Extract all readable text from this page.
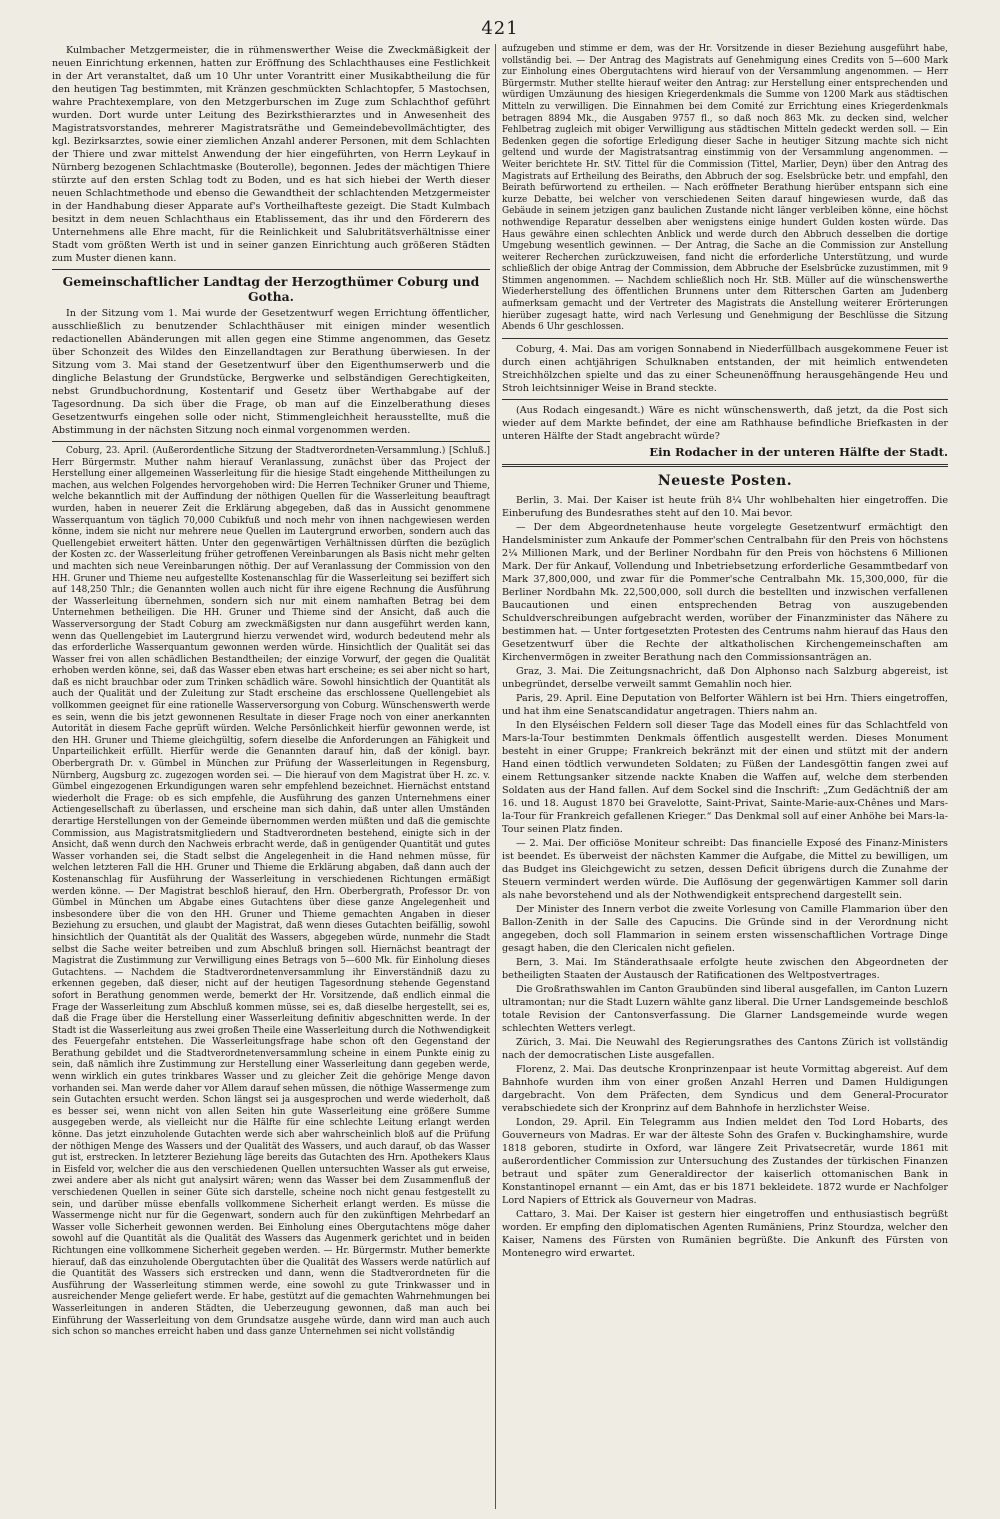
421

Kulmbacher Metzgermeister, die in rühmenswerther Weise die Zweckmäßigkeit der neuen Einrichtung erkennen, hatten zur Eröffnung des Schlachthauses eine Festlichkeit in der Art veranstaltet, daß um 10 Uhr unter Vorantritt einer Musikabtheilung die für den heutigen Tag bestimmten, mit Kränzen geschmückten Schlachtopfer, 5 Mastochsen, wahre Prachtexemplare, von den Metzgerburschen im Zuge zum Schlachthof geführt wurden. Dort wurde unter Leitung des Bezirksthierarztes und in Anwesenheit des Magistratsvorstandes, mehrerer Magistratsräthe und Gemeindebevollmächtigter, des kgl. Bezirksarztes, sowie einer ziemlichen Anzahl anderer Personen, mit dem Schlachten der Thiere und zwar mittelst Anwendung der hier eingeführten, von Herrn Leykauf in Nürnberg bezogenen Schlachtmaske (Bouterolle), begonnen. Jedes der mächtigen Thiere stürzte auf den ersten Schlag todt zu Boden, und es hat sich hiebei der Werth dieser neuen Schlachtmethode und ebenso die Gewandtheit der schlachtenden Metzgermeister in der Handhabung dieser Apparate auf's Vortheilhafteste gezeigt. Die Stadt Kulmbach besitzt in dem neuen Schlachthaus ein Etablissement, das ihr und den Förderern des Unternehmens alle Ehre macht, für die Reinlichkeit und Salubritätsverhältnisse einer Stadt vom größten Werth ist und in seiner ganzen Einrichtung auch größeren Städten zum Muster dienen kann.

Gemeinschaftlicher Landtag der Herzogthümer Coburg und Gotha.

In der Sitzung vom 1. Mai wurde der Gesetzentwurf wegen Errichtung öffentlicher, ausschließlich zu benutzender Schlachthäuser mit einigen minder wesentlich redactionellen Abänderungen mit allen gegen eine Stimme angenommen, das Gesetz über Schonzeit des Wildes den Einzellandtagen zur Berathung überwiesen. In der Sitzung vom 3. Mai stand der Gesetzentwurf über den Eigenthumserwerb und die dingliche Belastung der Grundstücke, Bergwerke und selbständigen Gerechtigkeiten, nebst Grundbuchordnung, Kostentarif und Gesetz über Werthabgabe auf der Tagesordnung. Da sich über die Frage, ob man auf die Einzelberathung dieses Gesetzentwurfs eingehen solle oder nicht, Stimmengleichheit herausstellte, muß die Abstimmung in der nächsten Sitzung noch einmal vorgenommen werden.

Coburg, 23. April. (Außerordentliche Sitzung der Stadtverordneten-Versammlung.) [Schluß.] Herr Bürgermstr. Muther nahm hierauf Veranlassung, zunächst über das Project der Herstellung einer allgemeinen Wasserleitung für die hiesige Stadt eingehende Mittheilungen zu machen, aus welchen Folgendes hervorgehoben wird: Die Herren Techniker Gruner und Thieme, welche bekanntlich mit der Auffindung der nöthigen Quellen für die Wasserleitung beauftragt wurden, haben in neuerer Zeit die Erklärung abgegeben, daß das in Aussicht genommene Wasserquantum von täglich 70,000 Cubikfuß und noch mehr von ihnen nachgewiesen werden könne, indem sie nicht nur mehrere neue Quellen im Lautergrund erworben, sondern auch das Quellengebiet erweitert hätten. Unter den gegenwärtigen Verhältnissen dürften die bezüglich der Kosten zc. der Wasserleitung früher getroffenen Vereinbarungen als Basis nicht mehr gelten und machten sich neue Vereinbarungen nöthig. Der auf Veranlassung der Commission von den HH. Gruner und Thieme neu aufgestellte Kostenanschlag für die Wasserleitung sei beziffert sich auf 148,250 Thlr.; die Genannten wollen auch nicht für ihre eigene Rechnung die Ausführung der Wasserleitung übernehmen, sondern sich nur mit einem namhaften Betrag bei dem Unternehmen betheiligen. Die HH. Gruner und Thieme sind der Ansicht, daß auch die Wasserversorgung der Stadt Coburg am zweckmäßigsten nur dann ausgeführt werden kann, wenn das Quellengebiet im Lautergrund hierzu verwendet wird, wodurch bedeutend mehr als das erforderliche Wasserquantum gewonnen werden würde. Hinsichtlich der Qualität sei das Wasser frei von allen schädlichen Bestandtheilen; der einzige Vorwurf, der gegen die Qualität erhoben werden könne, sei, daß das Wasser eben etwas hart erscheine; es sei aber nicht so hart, daß es nicht brauchbar oder zum Trinken schädlich wäre. Sowohl hinsichtlich der Quantität als auch der Qualität und der Zuleitung zur Stadt erscheine das erschlossene Quellengebiet als vollkommen geeignet für eine rationelle Wasserversorgung von Coburg. Wünschenswerth werde es sein, wenn die bis jetzt gewonnenen Resultate in dieser Frage noch von einer anerkannten Autorität in diesem Fache geprüft würden. Welche Persönlichkeit hierfür gewonnen werde, ist den HH. Gruner und Thieme gleichgültig, sofern dieselbe die Anforderungen an Fähigkeit und Unparteilichkeit erfüllt. Hierfür werde die Genannten darauf hin, daß der königl. bayr. Oberbergrath Dr. v. Gümbel in München zur Prüfung der Wasserleitungen in Regensburg, Nürnberg, Augsburg zc. zugezogen worden sei. — Die hierauf von dem Magistrat über H. zc. v. Gümbel eingezogenen Erkundigungen waren sehr empfehlend bezeichnet. Hiernächst entstand wiederholt die Frage: ob es sich empfehle, die Ausführung des ganzen Unternehmens einer Actiengesellschaft zu überlassen, und erscheine man sich dahin, daß unter allen Umständen derartige Herstellungen von der Gemeinde übernommen werden müßten und daß die gemischte Commission, aus Magistratsmitgliedern und Stadtverordneten bestehend, einigte sich in der Ansicht, daß wenn durch den Nachweis erbracht werde, daß in genügender Quantität und gutes Wasser vorhanden sei, die Stadt selbst die Angelegenheit in die Hand nehmen müsse, für welchen letzteren Fall die HH. Gruner und Thieme die Erklärung abgaben, daß dann auch der Kostenanschlag für Ausführung der Wasserleitung in verschiedenen Richtungen ermäßigt werden könne. — Der Magistrat beschloß hierauf, den Hrn. Oberbergrath, Professor Dr. von Gümbel in München um Abgabe eines Gutachtens über diese ganze Angelegenheit und insbesondere über die von den HH. Gruner und Thieme gemachten Angaben in dieser Beziehung zu ersuchen, und glaubt der Magistrat, daß wenn dieses Gutachten beifällig, sowohl hinsichtlich der Quantität als der Qualität des Wassers, abgegeben würde, nunmehr die Stadt selbst die Sache weiter betreiben und zum Abschluß bringen soll. Hiernächst beantragt der Magistrat die Zustimmung zur Verwilligung eines Betrags von 5—600 Mk. für Einholung dieses Gutachtens. — Nachdem die Stadtverordnetenversammlung ihr Einverständniß dazu zu erkennen gegeben, daß dieser, nicht auf der heutigen Tagesordnung stehende Gegenstand sofort in Berathung genommen werde, bemerkt der Hr. Vorsitzende, daß endlich einmal die Frage der Wasserleitung zum Abschluß kommen müsse, sei es, daß dieselbe hergestellt, sei es, daß die Frage über die Herstellung einer Wasserleitung definitiv abgeschnitten werde. In der Stadt ist die Wasserleitung aus zwei großen Theile eine Wasserleitung durch die Nothwendigkeit des Feuergefahr entstehen. Die Wasserleitungsfrage habe schon oft den Gegenstand der Berathung gebildet und die Stadtverordnetenversammlung scheine in einem Punkte einig zu sein, daß nämlich ihre Zustimmung zur Herstellung einer Wasserleitung dann gegeben werde, wenn wirklich ein gutes trinkbares Wasser und zu gleicher Zeit die gehörige Menge davon vorhanden sei. Man werde daher vor Allem darauf sehen müssen, die nöthige Wassermenge zum sein Gutachten ersucht werden. Schon längst sei ja ausgesprochen und werde wiederholt, daß es besser sei, wenn nicht von allen Seiten hin gute Wasserleitung eine größere Summe ausgegeben werde, als vielleicht nur die Hälfte für eine schlechte Leitung erlangt werden könne. Das jetzt einzuholende Gutachten werde sich aber wahrscheinlich bloß auf die Prüfung der nöthigen Menge des Wassers und der Qualität des Wassers, und auch darauf, ob das Wasser gut ist, erstrecken. In letzterer Beziehung läge bereits das Gutachten des Hrn. Apothekers Klaus in Eisfeld vor, welcher die aus den verschiedenen Quellen untersuchten Wasser als gut erweise, zwei andere aber als nicht gut analysirt wären; wenn das Wasser bei dem Zusammenfluß der verschiedenen Quellen in seiner Güte sich darstelle, scheine noch nicht genau festgestellt zu sein, und darüber müsse ebenfalls vollkommene Sicherheit erlangt werden. Es müsse die Wassermenge nicht nur für die Gegenwart, sondern auch für den zukünftigen Mehrbedarf an Wasser volle Sicherheit gewonnen werden. Bei Einholung eines Obergutachtens möge daher sowohl auf die Quantität als die Qualität des Wassers das Augenmerk gerichtet und in beiden Richtungen eine vollkommene Sicherheit gegeben werden. — Hr. Bürgermstr. Muther bemerkte hierauf, daß das einzuholende Obergutachten über die Qualität des Wassers werde natürlich auf die Quantität des Wassers sich erstrecken und dann, wenn die Stadtverordneten für die Ausführung der Wasserleitung stimmen werde, eine sowohl zu gute Trinkwasser und in ausreichender Menge geliefert werde. Er habe, gestützt auf die gemachten Wahrnehmungen bei Wasserleitungen in anderen Städten, die Ueberzeugung gewonnen, daß man auch bei Einführung der Wasserleitung von dem Grundsatze ausgehe würde, dann wird man auch auch sich schon so manches erreicht haben und dass ganze Unternehmen sei nicht vollständig

aufzugeben und stimme er dem, was der Hr. Vorsitzende in dieser Beziehung ausgeführt habe, vollständig bei. — Der Antrag des Magistrats auf Genehmigung eines Credits von 5—600 Mark zur Einholung eines Obergutachtens wird hierauf von der Versammlung angenommen. — Herr Bürgermstr. Muther stellte hierauf weiter den Antrag: zur Herstellung einer entsprechenden und würdigen Umzäunung des hiesigen Kriegerdenkmals die Summe von 1200 Mark aus städtischen Mitteln zu verwilligen. Die Einnahmen bei dem Comité zur Errichtung eines Kriegerdenkmals betragen 8894 Mk., die Ausgaben 9757 fl., so daß noch 863 Mk. zu decken sind, welcher Fehlbetrag zugleich mit obiger Verwilligung aus städtischen Mitteln gedeckt werden soll. — Ein Bedenken gegen die sofortige Erledigung dieser Sache in heutiger Sitzung machte sich nicht geltend und wurde der Magistratsantrag einstimmig von der Versammlung angenommen. — Weiter berichtete Hr. StV. Tittel für die Commission (Tittel, Marlier, Deyn) über den Antrag des Magistrats auf Ertheilung des Beiraths, den Abbruch der sog. Eselsbrücke betr. und empfahl, den Beirath befürwortend zu ertheilen. — Nach eröffneter Berathung hierüber entspann sich eine kurze Debatte, bei welcher von verschiedenen Seiten darauf hingewiesen wurde, daß das Gebäude in seinem jetzigen ganz baulichen Zustande nicht länger verbleiben könne, eine höchst nothwendige Reparatur desselben aber wenigstens einige hundert Gulden kosten würde. Das Haus gewähre einen schlechten Anblick und werde durch den Abbruch desselben die dortige Umgebung wesentlich gewinnen. — Der Antrag, die Sache an die Commission zur Anstellung weiterer Recherchen zurückzuweisen, fand nicht die erforderliche Unterstützung, und wurde schließlich der obige Antrag der Commission, dem Abbruche der Eselsbrücke zuzustimmen, mit 9 Stimmen angenommen. — Nachdem schließlich noch Hr. StB. Müller auf die wünschenswerthe Wiederherstellung des öffentlichen Brunnens unter dem Ritterschen Garten am Judenberg aufmerksam gemacht und der Vertreter des Magistrats die Anstellung weiterer Erörterungen hierüber zugesagt hatte, wird nach Verlesung und Genehmigung der Beschlüsse die Sitzung Abends 6 Uhr geschlossen.

Coburg, 4. Mai. Das am vorigen Sonnabend in Niederfüllbach ausgekommene Feuer ist durch einen achtjährigen Schulknaben entstanden, der mit heimlich entwendeten Streichhölzchen spielte und das zu einer Scheunenöffnung herausgehängende Heu und Stroh leichtsinniger Weise in Brand steckte.

(Aus Rodach eingesandt.) Wäre es nicht wünschenswerth, daß jetzt, da die Post sich wieder auf dem Markte befindet, der eine am Rathhause befindliche Briefkasten in der unteren Hälfte der Stadt angebracht würde?

Ein Rodacher in der unteren Hälfte der Stadt.
Neueste Posten.

Berlin, 3. Mai. Der Kaiser ist heute früh 8¼ Uhr wohlbehalten hier eingetroffen. Die Einberufung des Bundesrathes steht auf den 10. Mai bevor.

— Der dem Abgeordnetenhause heute vorgelegte Gesetzentwurf ermächtigt den Handelsminister zum Ankaufe der Pommer'schen Centralbahn für den Preis von höchstens 2¼ Millionen Mark, und der Berliner Nordbahn für den Preis von höchstens 6 Millionen Mark. Der für Ankauf, Vollendung und Inbetriebsetzung erforderliche Gesammtbedarf von Mark 37,800,000, und zwar für die Pommer'sche Centralbahn Mk. 15,300,000, für die Berliner Nordbahn Mk. 22,500,000, soll durch die bestellten und inzwischen verfallenen Baucautionen und einen entsprechenden Betrag von auszugebenden Schuldverschreibungen aufgebracht werden, worüber der Finanzminister das Nähere zu bestimmen hat. — Unter fortgesetzten Protesten des Centrums nahm hierauf das Haus den Gesetzentwurf über die Rechte der altkatholischen Kirchengemeinschaften am Kirchenvermögen in zweiter Berathung nach den Commissionsanträgen an.

Graz, 3. Mai. Die Zeitungsnachricht, daß Don Alphonso nach Salzburg abgereist, ist unbegründet, derselbe verweilt sammt Gemahlin noch hier.

Paris, 29. April. Eine Deputation von Belforter Wählern ist bei Hrn. Thiers eingetroffen, und hat ihm eine Senatscandidatur angetragen. Thiers nahm an.

In den Elyséischen Feldern soll dieser Tage das Modell eines für das Schlachtfeld von Mars-la-Tour bestimmten Denkmals öffentlich ausgestellt werden. Dieses Monument besteht in einer Gruppe; Frankreich bekränzt mit der einen und stützt mit der andern Hand einen tödtlich verwundeten Soldaten; zu Füßen der Landesgöttin fangen zwei auf einem Rettungsanker sitzende nackte Knaben die Waffen auf, welche dem sterbenden Soldaten aus der Hand fallen. Auf dem Sockel sind die Inschrift: „Zum Gedächtniß der am 16. und 18. August 1870 bei Gravelotte, Saint-Privat, Sainte-Marie-aux-Chênes und Mars-la-Tour für Frankreich gefallenen Krieger.“ Das Denkmal soll auf einer Anhöhe bei Mars-la-Tour seinen Platz finden.

— 2. Mai. Der officiöse Moniteur schreibt: Das financielle Exposé des Finanz-Ministers ist beendet. Es überweist der nächsten Kammer die Aufgabe, die Mittel zu bewilligen, um das Budget ins Gleichgewicht zu setzen, dessen Deficit übrigens durch die Zunahme der Steuern vermindert werden würde. Die Auflösung der gegenwärtigen Kammer soll darin als nahe bevorstehend und als der Nothwendigkeit entsprechend dargestellt sein.

Der Minister des Innern verbot die zweite Vorlesung von Camille Flammarion über den Ballon-Zenith in der Salle des Capucins. Die Gründe sind in der Verordnung nicht angegeben, doch soll Flammarion in seinem ersten wissenschaftlichen Vortrage Dinge gesagt haben, die den Clericalen nicht gefielen.

Bern, 3. Mai. Im Ständerathsaale erfolgte heute zwischen den Abgeordneten der betheiligten Staaten der Austausch der Ratificationen des Weltpostvertrages.

Die Großrathswahlen im Canton Graubünden sind liberal ausgefallen, im Canton Luzern ultramontan; nur die Stadt Luzern wählte ganz liberal. Die Urner Landsgemeinde beschloß totale Revision der Cantonsverfassung. Die Glarner Landsgemeinde wurde wegen schlechten Wetters verlegt.

Zürich, 3. Mai. Die Neuwahl des Regierungsrathes des Cantons Zürich ist vollständig nach der democratischen Liste ausgefallen.

Florenz, 2. Mai. Das deutsche Kronprinzenpaar ist heute Vormittag abgereist. Auf dem Bahnhofe wurden ihm von einer großen Anzahl Herren und Damen Huldigungen dargebracht. Von dem Präfecten, dem Syndicus und dem General-Procurator verabschiedete sich der Kronprinz auf dem Bahnhofe in herzlichster Weise.

London, 29. April. Ein Telegramm aus Indien meldet den Tod Lord Hobarts, des Gouverneurs von Madras. Er war der älteste Sohn des Grafen v. Buckinghamshire, wurde 1818 geboren, studirte in Oxford, war längere Zeit Privatsecretär, wurde 1861 mit außerordentlicher Commission zur Untersuchung des Zustandes der türkischen Finanzen betraut und später zum Generaldirector der kaiserlich ottomanischen Bank in Konstantinopel ernannt — ein Amt, das er bis 1871 bekleidete. 1872 wurde er Nachfolger Lord Napiers of Ettrick als Gouverneur von Madras.

Cattaro, 3. Mai. Der Kaiser ist gestern hier eingetroffen und enthusiastisch begrüßt worden. Er empfing den diplomatischen Agenten Rumäniens, Prinz Stourdza, welcher den Kaiser, Namens des Fürsten von Rumänien begrüßte. Die Ankunft des Fürsten von Montenegro wird erwartet.
